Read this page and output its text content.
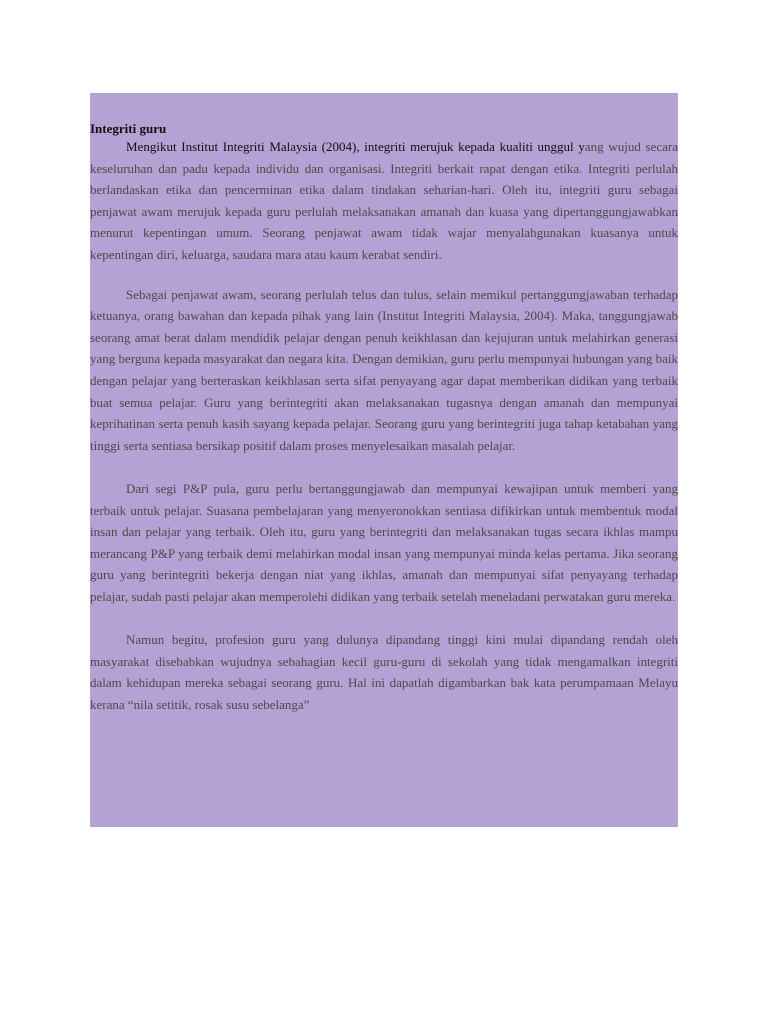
Integriti guru

Mengikut Institut Integriti Malaysia (2004), integriti merujuk kepada kualiti unggul yang wujud secara keseluruhan dan padu kepada individu dan organisasi. Integriti berkait rapat dengan etika. Integriti perlulah berlandaskan etika dan pencerminan etika dalam tindakan seharian-hari. Oleh itu, integriti guru sebagai penjawat awam merujuk kepada guru perlulah melaksanakan amanah dan kuasa yang dipertanggungjawabkan menurut kepentingan umum. Seorang penjawat awam tidak wajar menyalahgunakan kuasanya untuk kepentingan diri, keluarga, saudara mara atau kaum kerabat sendiri.

Sebagai penjawat awam, seorang perlulah telus dan tulus, selain memikul pertanggungjawaban terhadap ketuanya, orang bawahan dan kepada pihak yang lain (Institut Integriti Malaysia, 2004). Maka, tanggungjawab seorang amat berat dalam mendidik pelajar dengan penuh keikhlasan dan kejujuran untuk melahirkan generasi yang berguna kepada masyarakat dan negara kita. Dengan demikian, guru perlu mempunyai hubungan yang baik dengan pelajar yang berteraskan keikhlasan serta sifat penyayang agar dapat memberikan didikan yang terbaik buat semua pelajar. Guru yang berintegriti akan melaksanakan tugasnya dengan amanah dan mempunyai keprihatinan serta penuh kasih sayang kepada pelajar. Seorang guru yang berintegriti juga tahap ketabahan yang tinggi serta sentiasa bersikap positif dalam proses menyelesaikan masalah pelajar.

Dari segi P&P pula, guru perlu bertanggungjawab dan mempunyai kewajipan untuk memberi yang terbaik untuk pelajar. Suasana pembelajaran yang menyeronokkan sentiasa difikirkan untuk membentuk modal insan dan pelajar yang terbaik. Oleh itu, guru yang berintegriti dan melaksanakan tugas secara ikhlas mampu merancang P&P yang terbaik demi melahirkan modal insan yang mempunyai minda kelas pertama. Jika seorang guru yang berintegriti bekerja dengan niat yang ikhlas, amanah dan mempunyai sifat penyayang terhadap pelajar, sudah pasti pelajar akan memperolehi didikan yang terbaik setelah meneladani perwatakan guru mereka.

Namun begitu, profesion guru yang dulunya dipandang tinggi kini mulai dipandang rendah oleh masyarakat disebabkan wujudnya sebahagian kecil guru-guru di sekolah yang tidak mengamalkan integriti dalam kehidupan mereka sebagai seorang guru. Hal ini dapatlah digambarkan bak kata perumpamaan Melayu kerana “nila setitik, rosak susu sebelanga”
